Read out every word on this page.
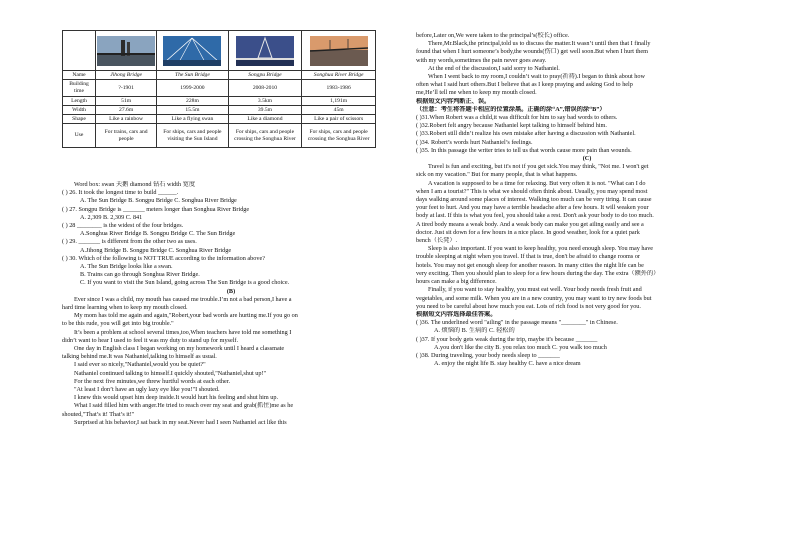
Name	Jihong Bridge	The Sun Bridge	Songpu Bridge	Songhua River Bridge
Building time	?-1901	1999-2000	2008-2010	1983-1986
Length	51m	228m	3.5km	1,191m
Width	27.6m	15.5m	39.5m	45m
Shape	Like a rainbow	Like a flying swan	Like a diamond	Like a pair of scissors
Use	For trains, cars and people	For ships, cars and people visiting the Sun Island	For ships, cars and people crossing the Songhua River	For ships, cars and people crossing the Songhua River

Word box: swan 天鹅 diamond 钻石 width 宽度

( ) 26. It took the longest time to build ______.

A. The Sun Bridge B. Songpu Bridge C. Songhua River Bridge

( ) 27. Songpu Bridge is _______ meters longer than Songhua River Bridge

A. 2,309 B. 2,309 C. 841

( ) 28 ________ is the widest of the four bridges.

A.Songhua River Bridge B. Songpu Bridge C. The Sun Bridge

( ) 29. _______ is different from the other two as uses.

A.Jihong Bridge B. Songpu Bridge C. Songhua River Bridge

( ) 30. Which of the following is NOT TRUE according to the information above?

A. The Sun Bridge looks like a swan.

B. Trains can go through Songhua River Bridge.

C. If you want to visit the Sun Island, going across The Sun Bridge is a good choice.

(B)

Ever since I was a child, my mouth has caused me trouble.I’m not a bad person,I have a

hard time learning when to keep my mouth closed.

My mom has told me again and again,"Robert,your bad words are hurting me.If you go on

to be this rude, you will get into big trouble."

It’s been a problem at school several times,too,When teachers have told me something I

didn’t want to hear I used to feel it was my duty to stand up for myself.

One day in English class I began working on my homework until I heard a classmate

talking behind me.It was Nathaniel,talking to himself as usual.

I said ever so nicely,"Nathaniel,would you be quiet?"

Nathaniel continued talking to himself.I quickly shouted,"Nathaniel,shut up!"

For the next five minutes,we threw hurtful words at each other.

"At least I don’t have an ugly lazy eye like you!"I shouted.

I knew this would upset him deep inside.It would hurt his feeling and shut him up.

What I said filled him with anger.He tried to reach over my seat and grab(抓住)me as he

shouted,"That’s it! That’s it!"

Surprised at his behavior,I sat back in my seat.Never had I seen Nathaniel act like this

before,Later on,We were taken to the principal’s(校长) office.

There,Mr.Black,the principal,told us to discuss the matter.It wasn’t until then that I finally

found that when I hurt someone’s body,the wounds(伤口) get well soon.But when I hurt them

with my words,sometimes the pain never goes away.

At the end of the discussion,I said sorry to Nathaniel.

When I went back to my room,I couldn’t wait to pray(祈祷).I began to think about how

often what I said hurt others.But I believe that as I keep praying and asking God to help

me,He’ll tell me when to keep my mouth closed.

根据短文内容判断正、误。

（注意：考生将答题卡相应的位置涂黑。正确的涂“A”,错误的涂“B”）

( )31.When Robert was a child,it was difficult for him to say bad words to others.

( )32.Robert felt angry because Nathaniel kept talking to himself behind him.

( )33.Robert still didn’t realize his own mistake after having a discussion with Nathaniel.

( )34. Robert’s words hurt Nathaniel’s feelings.

( )35. In this passage the writer tries to tell us that words cause more pain than wounds.

(C)

Travel is fun and exciting, but it's not if you get sick.You may think, "Not me. I won't get

sick on my vacation." But for many people, that is what happens.

A vacation is supposed to be a time for relaxing. But very often it is not. "What can I do

when I am a tourist?" This is what we should often think about. Usually, you may spend most

days walking around some places of interest. Walking too much can be very tiring. It can cause

your feet to hurt. And you may have a terrible headache after a few hours. It will weaken your

body at last. If this is what you feel, you should take a rest. Don't ask your body to do too much.

A tired body means a weak body. And a weak body can make you get ailing easily and see a

doctor. Just sit down for a few hours in a nice place. In good weather, look for a quiet park

bench（长凳）.

Sleep is also important. If you want to keep healthy, you need enough sleep. You may have

trouble sleeping at night when you travel. If that is true, don't be afraid to change rooms or

hotels. You may not get enough sleep for another reason. In many cities the night life can be

very exciting. Then you should plan to sleep for a few hours during the day. The extra（额外的）

hours can make a big difference.

Finally, if you want to stay healthy, you must eat well. Your body needs fresh fruit and

vegetables, and some milk. When you are in a new country, you may want to try new foods but

you need to be careful about how much you eat. Lots of rich food is not very good for you.

根据短文内容选择最佳答案。

( )36. The underlined word "ailing" in the passage means "________" in Chinese.

A. 烦恼的 B. 生病的 C. 轻松的

( )37. If your body gets weak during the trip, maybe it's because _______

A.you don't like the city B. you relax too much C. you walk too much

( )38. During traveling, your body needs sleep to _______

A. enjoy the night life B. stay healthy C. have a nice dream
